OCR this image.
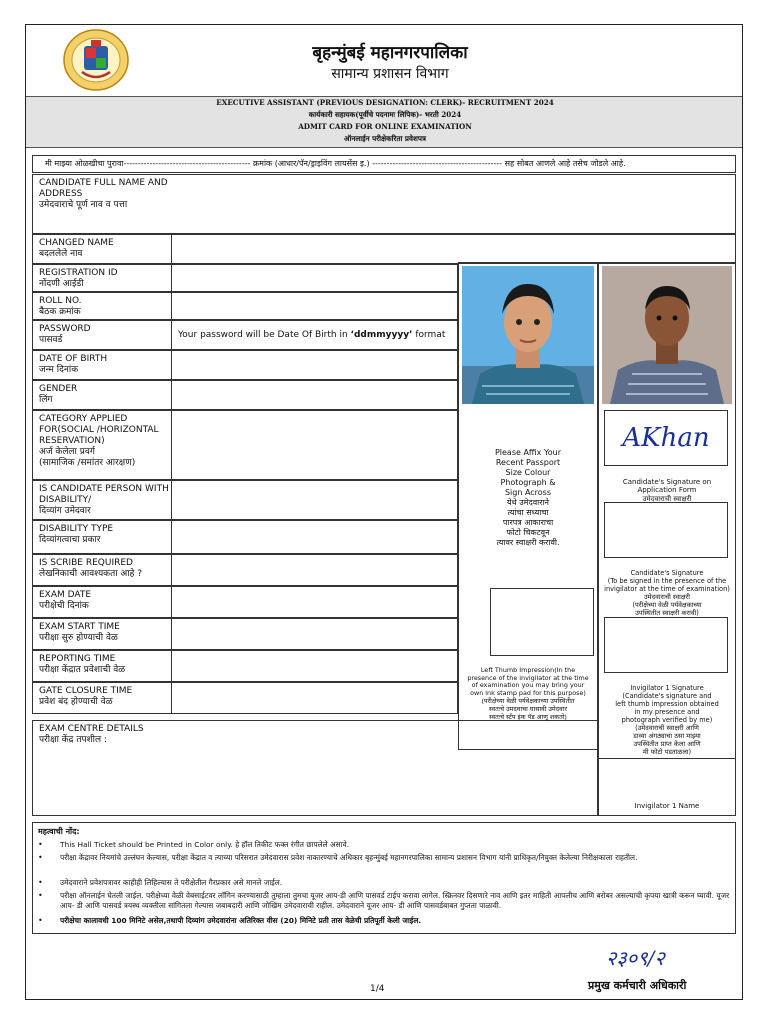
बृहन्मुंबई महानगरपालिका
सामान्य प्रशासन विभाग
EXECUTIVE ASSISTANT (PREVIOUS DESIGNATION: CLERK)- RECRUITMENT 2024
कार्यकारी सहायक(पूर्वीचे पदनामः लिपिक)- भरती 2024
ADMIT CARD FOR ONLINE EXAMINATION
ऑनलाईन परीक्षेकरिता प्रवेशपत्र
मी माझ्या ओळखीचा पुरावा-------------------------------------------- क्रमांक (आधार/पॅन/ड्राइविंग लायसेंस इ.) --------------------------------------------- सह सोबत आणले आहे तसेच जोडले आहे.
CANDIDATE FULL NAME AND ADDRESS
उमेदवाराचे पूर्ण नाव व पत्ता
CHANGED NAME
बदललेले नाव
REGISTRATION ID
नोंदणी आईडी
ROLL NO.
बैठक क्रमांक
PASSWORD
पासवर्ड	Your password will be Date Of Birth in ‘ddmmyyyy’ format
DATE OF BIRTH
जन्म दिनांक
GENDER
लिंग
CATEGORY APPLIED FOR(SOCIAL /HORIZONTAL RESERVATION)
अर्ज केलेला प्रवर्ग
(सामाजिक /समांतर आरक्षण)
IS CANDIDATE PERSON WITH DISABILITY/
दिव्यांग उमेदवार
DISABILITY TYPE
दिव्यांगत्वाचा प्रकार
IS SCRIBE REQUIRED
लेखनिकाची आवश्यकता आहे ?
EXAM DATE
परीक्षेची दिनांक
EXAM START TIME
परीक्षा सुरु होण्याची वेळ
REPORTING TIME
परीक्षा केंद्रात प्रवेशाची वेळ
GATE CLOSURE TIME
प्रवेश बंद होण्याची वेळ
EXAM CENTRE DETAILS
परीक्षा केंद्र तपशील :

Please Affix Your
Recent Passport
Size Colour
Photograph &
Sign Across
येथे उमेदवाराने
त्यांचा सध्याचा
पारपत्र आकाराचा
फोटो चिकटवून
त्यावर स्वाक्षरी करावी.

AKhan

Candidate's Signature on
Application Form
उमेदवाराची स्वाक्षरी

Candidate's Signature
(To be signed in the presence of the
invigilator at the time of examination)
उमेदवाराची स्वाक्षरी
(परीक्षेच्या वेळी पर्यवेक्षकाच्या
उपस्थितीत स्वाक्षरी करावी)

Left Thumb Impression(In the
presence of the invigilator at the time
of examination you may bring your
own ink stamp pad for this purpose)
(परीक्षेच्या वेळी पर्यवेक्षकाच्या उपस्थितीत
स्वतःचे उमदवाचा घासावी उमेदवार
स्वतःचे स्टॅंप इंक पॅड आणू शकतो)

Invigilator 1 Signature
(Candidate's signature and
left thumb impression obtained
in my presence and
photograph verified by me)
(उमेदवाराची स्वाक्षरी आणि
डाव्या अंगठ्याचा ठसा माझ्या
उपस्थितीत प्राप्त केला आणि
मी फोटो पडताळला)

Invigilator 1 Name
महत्वाची नोंद:
• This Hall Ticket should be Printed in Color only. हे हॉल तिकीट फक्त रंगीत छापलेले असावे.
• परीक्षा केंद्रावर नियमांचे उल्लंघन केल्यास, परीक्षा केंद्रात व त्याच्या परिसरात उमेदवारास प्रवेश नाकारण्याचे अधिकार बृहन्मुंबई महानगरपालिका सामान्य प्रशासन विभाग यांनी प्राधिकृत/नियुक्त केलेल्या निरीक्षकाला राहतील.
• उमेदवाराने प्रवेशपत्रावर काहीही लिहिल्यास ते परीक्षेतील गैरप्रकार असे मानले जाईल.
• परीक्षा ऑनलाईन घेतली जाईल. परीक्षेच्या वेळी वेबसाईटवर लॉगिन करण्यासाठी तुम्हाला तुमचा यूजर आय-डी आणि पासवर्ड टाईप करावा लागेल. स्क्रिनवर दिसणारे नाव आणि इतर माहिती आपलीच आणि बरोबर असल्याची कृपया खात्री करून घ्यावी. यूजर आय- डी आणि पासवर्ड त्रयस्थ व्यक्तीला सांगितला गेल्यास जबाबदारी आणि जोखिम उमेदवाराची राहील. उमेदवाराने यूजर आय- डी आणि पासवर्डबाबत गुप्तता पाळावी.
• परीक्षेचा कालावधी 100 मिनिटे असेल,तथापी दिव्यांग उमेदवारांना अतिरिक्त वीस (20) मिनिटे प्रती तास वेळेची प्रतिपूर्ती केली जाईल.
२३०९/२
प्रमुख कर्मचारी अधिकारी
1/4
